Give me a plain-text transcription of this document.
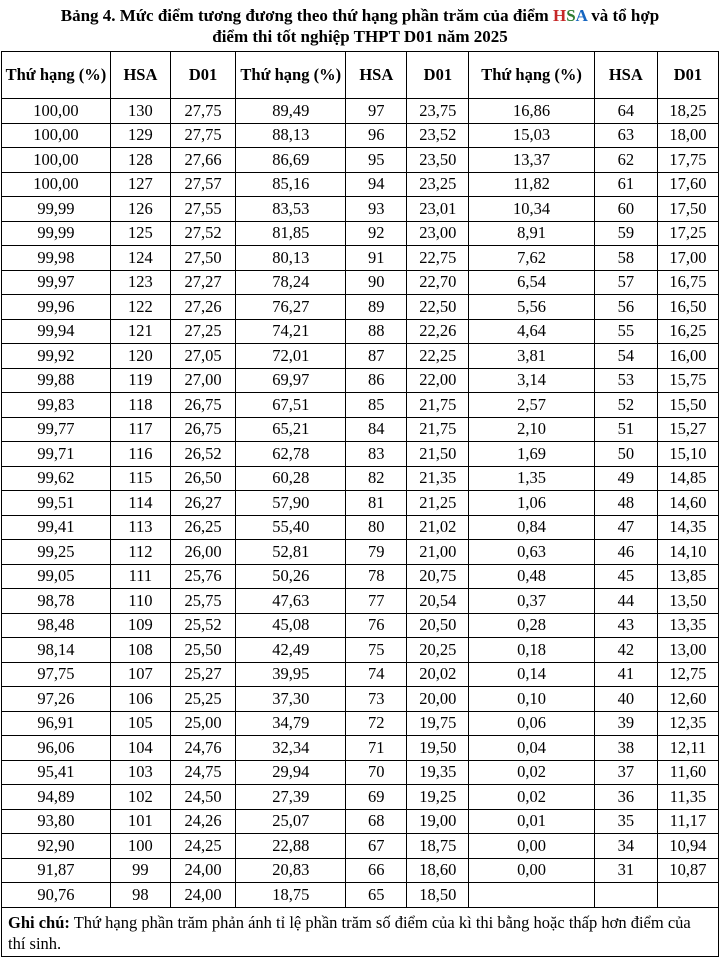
Bảng 4. Mức điểm tương đương theo thứ hạng phần trăm của điểm HSA và tổ hợp
điểm thi tốt nghiệp THPT D01 năm 2025
Thứ hạng (%)	HSA	D01	Thứ hạng (%)	HSA	D01	Thứ hạng (%)	HSA	D01
100,00	130	27,75	89,49	97	23,75	16,86	64	18,25
100,00	129	27,75	88,13	96	23,52	15,03	63	18,00
100,00	128	27,66	86,69	95	23,50	13,37	62	17,75
100,00	127	27,57	85,16	94	23,25	11,82	61	17,60
99,99	126	27,55	83,53	93	23,01	10,34	60	17,50
99,99	125	27,52	81,85	92	23,00	8,91	59	17,25
99,98	124	27,50	80,13	91	22,75	7,62	58	17,00
99,97	123	27,27	78,24	90	22,70	6,54	57	16,75
99,96	122	27,26	76,27	89	22,50	5,56	56	16,50
99,94	121	27,25	74,21	88	22,26	4,64	55	16,25
99,92	120	27,05	72,01	87	22,25	3,81	54	16,00
99,88	119	27,00	69,97	86	22,00	3,14	53	15,75
99,83	118	26,75	67,51	85	21,75	2,57	52	15,50
99,77	117	26,75	65,21	84	21,75	2,10	51	15,27
99,71	116	26,52	62,78	83	21,50	1,69	50	15,10
99,62	115	26,50	60,28	82	21,35	1,35	49	14,85
99,51	114	26,27	57,90	81	21,25	1,06	48	14,60
99,41	113	26,25	55,40	80	21,02	0,84	47	14,35
99,25	112	26,00	52,81	79	21,00	0,63	46	14,10
99,05	111	25,76	50,26	78	20,75	0,48	45	13,85
98,78	110	25,75	47,63	77	20,54	0,37	44	13,50
98,48	109	25,52	45,08	76	20,50	0,28	43	13,35
98,14	108	25,50	42,49	75	20,25	0,18	42	13,00
97,75	107	25,27	39,95	74	20,02	0,14	41	12,75
97,26	106	25,25	37,30	73	20,00	0,10	40	12,60
96,91	105	25,00	34,79	72	19,75	0,06	39	12,35
96,06	104	24,76	32,34	71	19,50	0,04	38	12,11
95,41	103	24,75	29,94	70	19,35	0,02	37	11,60
94,89	102	24,50	27,39	69	19,25	0,02	36	11,35
93,80	101	24,26	25,07	68	19,00	0,01	35	11,17
92,90	100	24,25	22,88	67	18,75	0,00	34	10,94
91,87	99	24,00	20,83	66	18,60	0,00	31	10,87
90,76	98	24,00	18,75	65	18,50			
Ghi chú: Thứ hạng phần trăm phản ánh tỉ lệ phần trăm số điểm của kì thi bằng hoặc thấp hơn điểm của thí sinh.								
